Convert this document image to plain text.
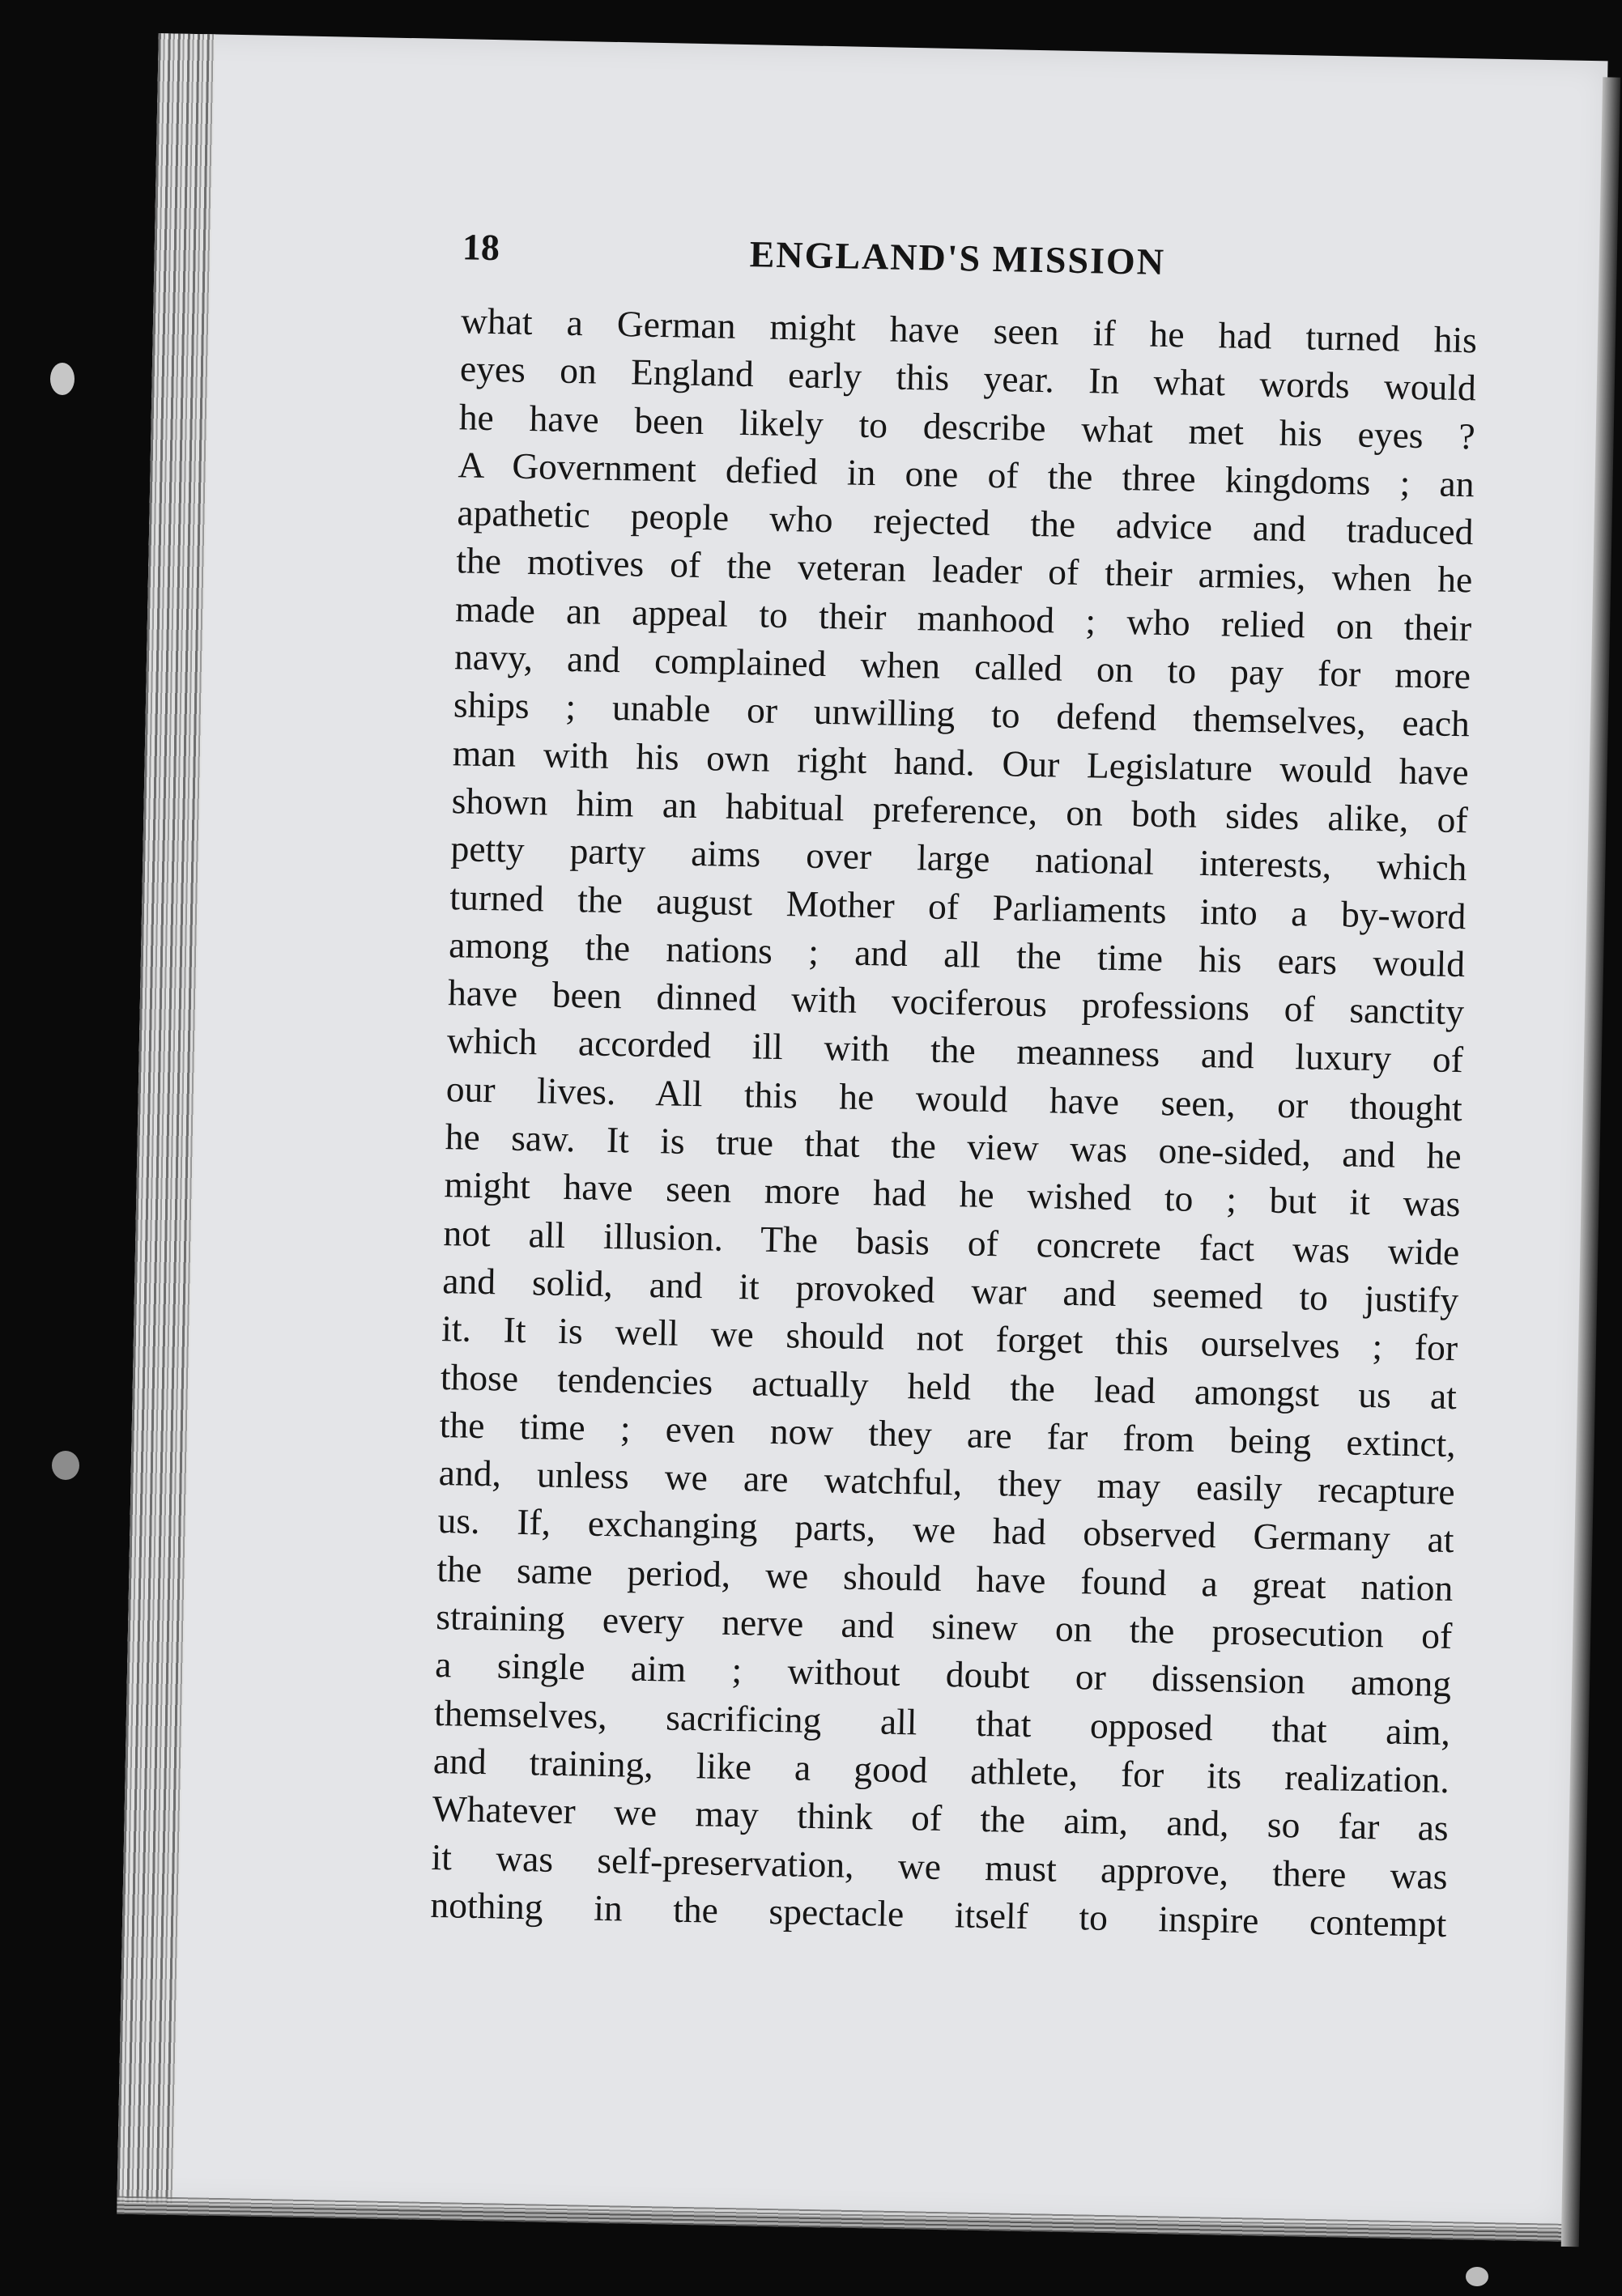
18	ENGLAND'S MISSION
what a German might have seen if he had turned his
eyes on England early this year. In what words would
he have been likely to describe what met his eyes ?
A Government defied in one of the three kingdoms ; an
apathetic people who rejected the advice and traduced
the motives of the veteran leader of their armies, when he
made an appeal to their manhood ; who relied on their
navy, and complained when called on to pay for more
ships ; unable or unwilling to defend themselves, each
man with his own right hand. Our Legislature would have
shown him an habitual preference, on both sides alike, of
petty party aims over large national interests, which
turned the august Mother of Parliaments into a by-word
among the nations ; and all the time his ears would
have been dinned with vociferous professions of sanctity
which accorded ill with the meanness and luxury of
our lives. All this he would have seen, or thought
he saw. It is true that the view was one-sided, and he
might have seen more had he wished to ; but it was
not all illusion. The basis of concrete fact was wide
and solid, and it provoked war and seemed to justify
it. It is well we should not forget this ourselves ; for
those tendencies actually held the lead amongst us at
the time ; even now they are far from being extinct,
and, unless we are watchful, they may easily recapture
us. If, exchanging parts, we had observed Germany at
the same period, we should have found a great nation
straining every nerve and sinew on the prosecution of
a single aim ; without doubt or dissension among
themselves, sacrificing all that opposed that aim,
and training, like a good athlete, for its realization.
Whatever we may think of the aim, and, so far as
it was self-preservation, we must approve, there was
nothing in the spectacle itself to inspire contempt
